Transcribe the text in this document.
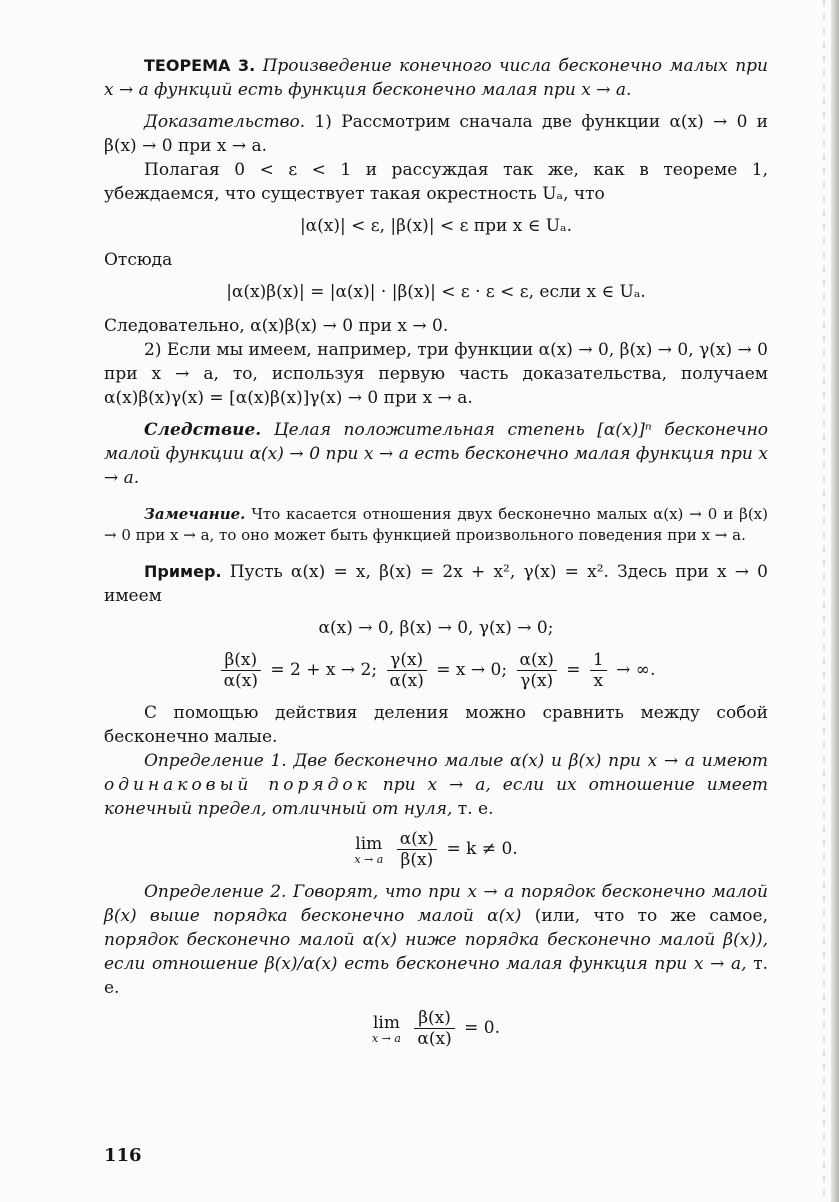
ТЕОРЕМА 3. Произведение конечного числа бесконечно малых при x → a функций есть функция бесконечно малая при x → a.

Доказательство. 1) Рассмотрим сначала две функции α(x) → 0 и β(x) → 0 при x → a.

Полагая 0 < ε < 1 и рассуждая так же, как в теореме 1, убеждаемся, что существует такая окрестность Uₐ, что

|α(x)| < ε, |β(x)| < ε при x ∈ Uₐ.

Отсюда

|α(x)β(x)| = |α(x)| · |β(x)| < ε · ε < ε, если x ∈ Uₐ.

Следовательно, α(x)β(x) → 0 при x → 0.

2) Если мы имеем, например, три функции α(x) → 0, β(x) → 0, γ(x) → 0 при x → a, то, используя первую часть доказательства, получаем α(x)β(x)γ(x) = [α(x)β(x)]γ(x) → 0 при x → a.

Следствие. Целая положительная степень [α(x)]ⁿ бесконечно малой функции α(x) → 0 при x → a есть бесконечно малая функция при x → a.

Замечание. Что касается отношения двух бесконечно малых α(x) → 0 и β(x) → 0 при x → a, то оно может быть функцией произвольного поведения при x → a.

Пример. Пусть α(x) = x, β(x) = 2x + x², γ(x) = x². Здесь при x → 0 имеем

α(x) → 0, β(x) → 0, γ(x) → 0;

$\frac{\beta(x)}{\alpha(x)} = 2 + x \to 2$; $\frac{\gamma(x)}{\alpha(x)} = x \to 0$; $\frac{\alpha(x)}{\gamma(x)} = \frac{1}{x}$ → ∞.

С помощью действия деления можно сравнить между собой бесконечно малые.

Определение 1. Две бесконечно малые α(x) и β(x) при x → a имеют одинаковый порядок при x → a, если их отношение имеет конечный предел, отличный от нуля, т. е.

lim
x → a
$\frac{\alpha(x)}{\beta(x)} = k \ne 0$.

Определение 2. Говорят, что при x → a порядок бесконечно малой β(x) выше порядка бесконечно малой α(x) (или, что то же самое, порядок бесконечно малой α(x) ниже порядка бесконечно малой β(x)), если отношение β(x)/α(x) есть бесконечно малая функция при x → a, т. е.

lim
x → a
$\frac{\beta(x)}{\alpha(x)} = 0$.

116
